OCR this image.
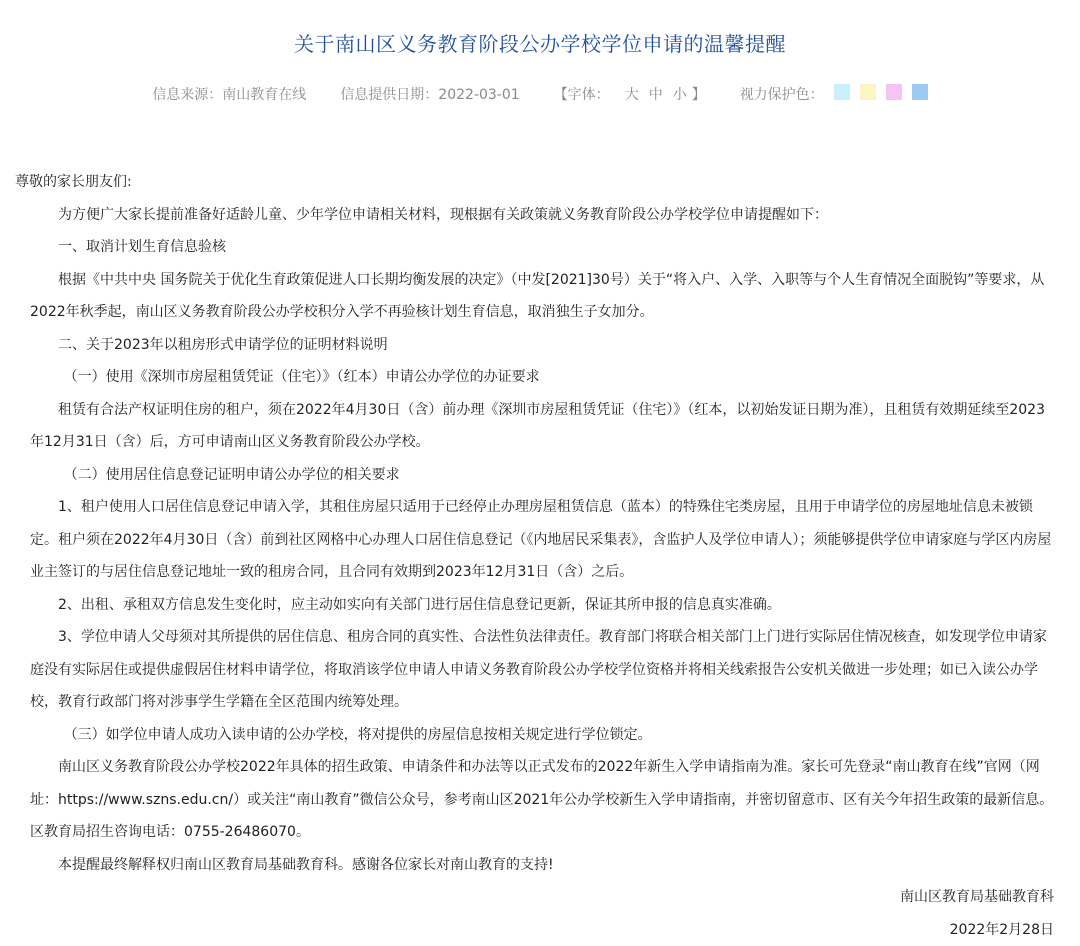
关于南山区义务教育阶段公办学校学位申请的温馨提醒
信息来源：南山教育在线 信息提供日期：2022-03-01 【字体： 大 中 小 】 视力保护色：

尊敬的家长朋友们:

为方便广大家长提前准备好适龄儿童、少年学位申请相关材料，现根据有关政策就义务教育阶段公办学校学位申请提醒如下：

一、取消计划生育信息验核

根据《中共中央 国务院关于优化生育政策促进人口长期均衡发展的决定》（中发[2021]30号）关于“将入户、入学、入职等与个人生育情况全面脱钩”等要求，从2022年秋季起，南山区义务教育阶段公办学校积分入学不再验核计划生育信息，取消独生子女加分。

二、关于2023年以租房形式申请学位的证明材料说明

（一）使用《深圳市房屋租赁凭证（住宅）》（红本）申请公办学位的办证要求

租赁有合法产权证明住房的租户，须在2022年4月30日（含）前办理《深圳市房屋租赁凭证（住宅）》（红本，以初始发证日期为准），且租赁有效期延续至2023年12月31日（含）后，方可申请南山区义务教育阶段公办学校。

（二）使用居住信息登记证明申请公办学位的相关要求

1、租户使用人口居住信息登记申请入学，其租住房屋只适用于已经停止办理房屋租赁信息（蓝本）的特殊住宅类房屋，且用于申请学位的房屋地址信息未被锁定。租户须在2022年4月30日（含）前到社区网格中心办理人口居住信息登记（《内地居民采集表》，含监护人及学位申请人）；须能够提供学位申请家庭与学区内房屋业主签订的与居住信息登记地址一致的租房合同，且合同有效期到2023年12月31日（含）之后。

2、出租、承租双方信息发生变化时，应主动如实向有关部门进行居住信息登记更新，保证其所申报的信息真实准确。

3、学位申请人父母须对其所提供的居住信息、租房合同的真实性、合法性负法律责任。教育部门将联合相关部门上门进行实际居住情况核查，如发现学位申请家庭没有实际居住或提供虚假居住材料申请学位，将取消该学位申请人申请义务教育阶段公办学校学位资格并将相关线索报告公安机关做进一步处理；如已入读公办学校，教育行政部门将对涉事学生学籍在全区范围内统筹处理。

（三）如学位申请人成功入读申请的公办学校，将对提供的房屋信息按相关规定进行学位锁定。

南山区义务教育阶段公办学校2022年具体的招生政策、申请条件和办法等以正式发布的2022年新生入学申请指南为准。家长可先登录“南山教育在线”官网（网址：https://www.szns.edu.cn/）或关注“南山教育”微信公众号，参考南山区2021年公办学校新生入学申请指南，并密切留意市、区有关今年招生政策的最新信息。区教育局招生咨询电话：0755-26486070。

本提醒最终解释权归南山区教育局基础教育科。感谢各位家长对南山教育的支持!

南山区教育局基础教育科

2022年2月28日
